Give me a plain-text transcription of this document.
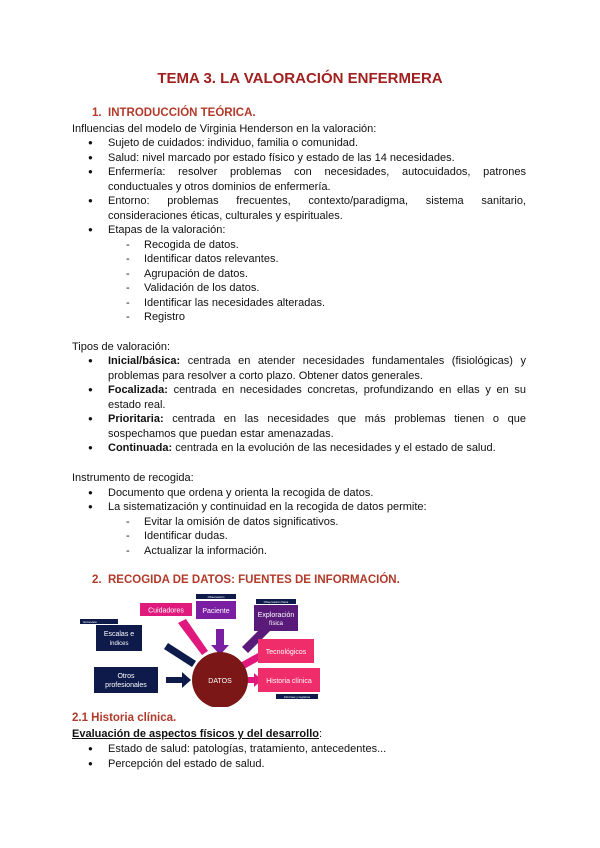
TEMA 3. LA VALORACIÓN ENFERMERA
1. INTRODUCCIÓN TEÓRICA.
Influencias del modelo de Virginia Henderson en la valoración:
● Sujeto de cuidados: individuo, familia o comunidad.
● Salud: nivel marcado por estado físico y estado de las 14 necesidades.
● Enfermería: resolver problemas con necesidades, autocuidados, patrones conductuales y otros dominios de enfermería.
● Entorno: problemas frecuentes, contexto/paradigma, sistema sanitario, consideraciones éticas, culturales y espirituales.
● Etapas de la valoración:
- Recogida de datos.
- Identificar datos relevantes.
- Agrupación de datos.
- Validación de los datos.
- Identificar las necesidades alteradas.
- Registro
Tipos de valoración:
● Inicial/básica: centrada en atender necesidades fundamentales (fisiológicas) y problemas para resolver a corto plazo. Obtener datos generales.
● Focalizada: centrada en necesidades concretas, profundizando en ellas y en su estado real.
● Prioritaria: centrada en las necesidades que más problemas tienen o que sospechamos que puedan estar amenazadas.
● Continuada: centrada en la evolución de las necesidades y el estado de salud.
Instrumento de recogida:
● Documento que ordena y orienta la recogida de datos.
● La sistematización y continuidad en la recogida de datos permite:
- Evitar la omisión de datos significativos.
- Identificar dudas.
- Actualizar la información.
2. RECOGIDA DE DATOS: FUENTES DE INFORMACIÓN.
DATOS
Cuidadores
Observación
Paciente
Observación física
Exploración
física
Entrevista
Escalas e
índices
Tecnológicos
Historia clínica
Informes y registros
Otros
profesionales
2.1 Historia clínica.
Evaluación de aspectos físicos y del desarrollo:
● Estado de salud: patologías, tratamiento, antecedentes...
● Percepción del estado de salud.
